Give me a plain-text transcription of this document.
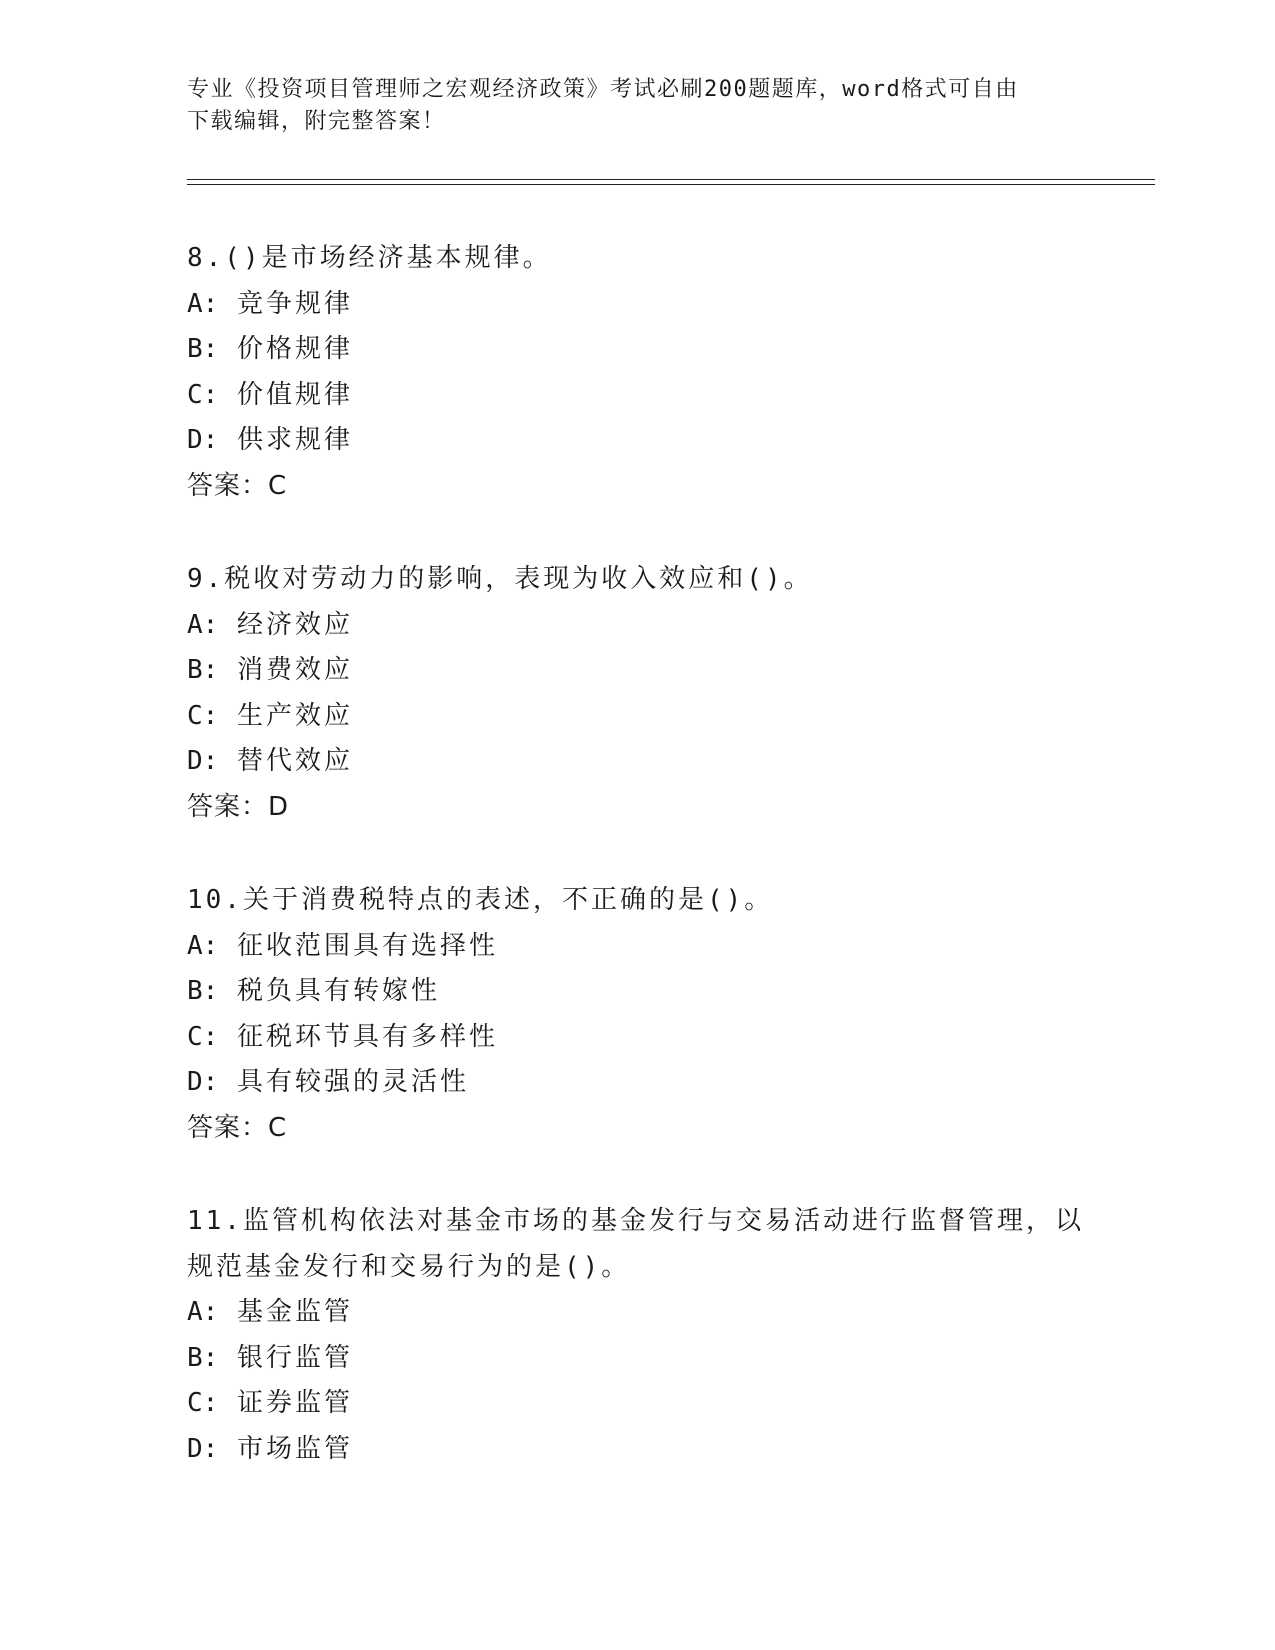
专业《投资项目管理师之宏观经济政策》考试必刷200题题库，word格式可自由
下载编辑，附完整答案！
8.()是市场经济基本规律。
A: 竞争规律
B: 价格规律
C: 价值规律
D: 供求规律
答案：C
9.税收对劳动力的影响，表现为收入效应和()。
A: 经济效应
B: 消费效应
C: 生产效应
D: 替代效应
答案：D
10.关于消费税特点的表述，不正确的是()。
A: 征收范围具有选择性
B: 税负具有转嫁性
C: 征税环节具有多样性
D: 具有较强的灵活性
答案：C
11.监管机构依法对基金市场的基金发行与交易活动进行监督管理，以
规范基金发行和交易行为的是()。
A: 基金监管
B: 银行监管
C: 证券监管
D: 市场监管
